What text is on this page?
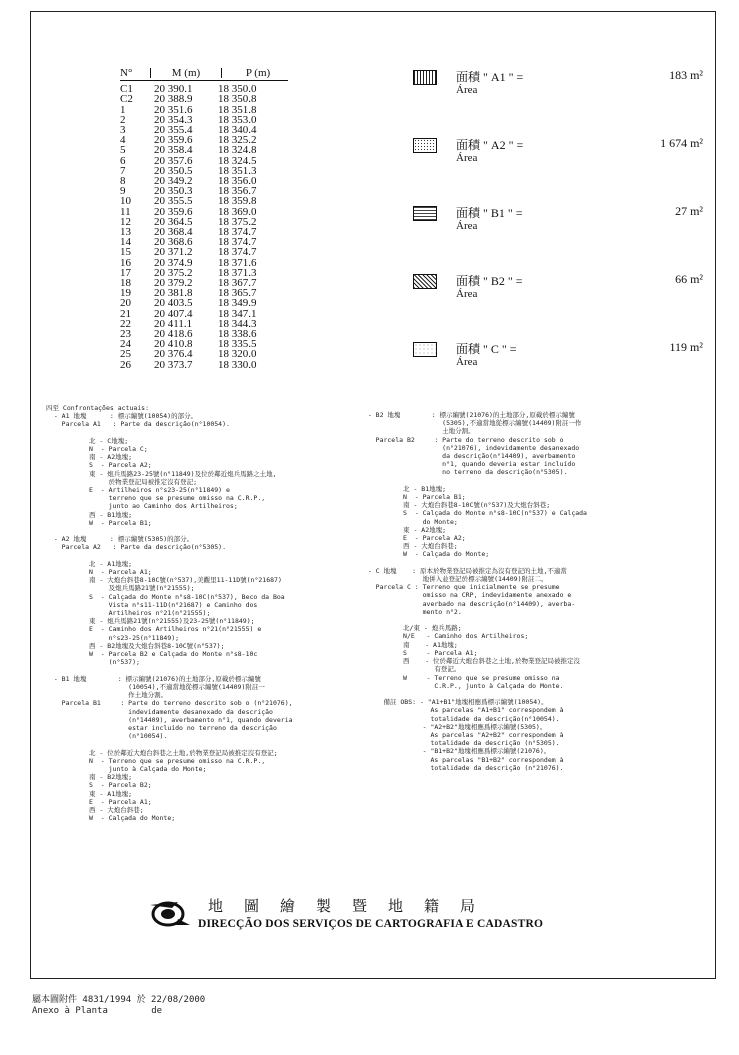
N°	M (m)	P (m)
C1	20 390.1	18 350.0
C2	20 388.9	18 350.8
1	20 351.6	18 351.8
2	20 354.3	18 353.0
3	20 355.4	18 340.4
4	20 359.6	18 325.2
5	20 358.4	18 324.8
6	20 357.6	18 324.5
7	20 350.5	18 351.3
8	20 349.2	18 356.0
9	20 350.3	18 356.7
10	20 355.5	18 359.8
11	20 359.6	18 369.0
12	20 364.5	18 375.2
13	20 368.4	18 374.7
14	20 368.6	18 374.7
15	20 371.2	18 374.7
16	20 374.9	18 371.6
17	20 375.2	18 371.3
18	20 379.2	18 367.7
19	20 381.8	18 365.7
20	20 403.5	18 349.9
21	20 407.4	18 347.1
22	20 411.1	18 344.3
23	20 418.6	18 338.6
24	20 410.8	18 335.5
25	20 376.4	18 320.0
26	20 373.7	18 330.0
面積 " A1 " =	183 m²
Área
面積 " A2 " =	1 674 m²
Área
面積 " B1 " =	27 m²
Área
面積 " B2 " =	66 m²
Área
面積 " C " =	119 m²
Área
四至 Confrontações actuais:
- A1 地塊      : 標示編號(10054)的部分。
Parcela A1   : Parte da descrição(n°10054).

北 - C地塊;
N  - Parcela C;
南 - A2地塊;
S  - Parcela A2;
東 - 炮兵馬路23-25號(n°11849)及位於鄰近炮兵馬路之土地,
於物業登記局被推定沒有登記;
E  - Artilheiros n°s23-25(n°11849) e
terreno que se presume omisso na C.R.P.,
junto ao Caminho dos Artilheiros;
西 - B1地塊;
W  - Parcela B1;

- A2 地塊      : 標示編號(5305)的部分。
Parcela A2   : Parte da descrição(n°5305).

北 - A1地塊;
N  - Parcela A1;
南 - 大炮台斜巷8-10C號(n°537),美觀里11-11D號(n°21687)
及炮兵馬路21號(n°21555);
S  - Calçada do Monte n°s8-10C(n°537), Beco da Boa
Vista n°s11-11D(n°21687) e Caminho dos
Artilheiros n°21(n°21555);
東 - 炮兵馬路21號(n°21555)及23-25號(n°11849);
E  - Caminho dos Artilheiros n°21(n°21555) e
n°s23-25(n°11849);
西 - B2地塊及大炮台斜巷8-10C號(n°537);
W  - Parcela B2 e Calçada do Monte n°s8-10c
(n°537);

- B1 地塊        : 標示編號(21076)的土地部分,原載於標示編號
(10054),不適當地從標示編號(14409)附註一
作土地分割。
Parcela B1     : Parte do terreno descrito sob o (n°21076),
indevidamente desanexado da descrição
(n°14409), averbamento n°1, quando deveria
estar incluído no terreno da descrição
(n°10054).

北 - 位於鄰近大炮台斜巷之土地,於物業登記局被推定沒有登記;
N  - Terreno que se presume omisso na C.R.P.,
junto à Calçada do Monte;
南 - B2地塊;
S  - Parcela B2;
東 - A1地塊;
E  - Parcela A1;
西 - 大炮台斜巷;
W  - Calçada do Monte;
- B2 地塊        : 標示編號(21076)的土地部分,原載於標示編號
(5305),不適當地從標示編號(14409)附註一作
土地分割。
Parcela B2     : Parte do terreno descrito sob o
(n°21076), indevidamente desanexado
da descrição(n°14409), averbamento
n°1, quando deveria estar incluído
no terreno da descrição(n°5305).

北 - B1地塊;
N  - Parcela B1;
南 - 大炮台斜巷8-10C號(n°537)及大炮台斜巷;
S  - Calçada do Monte n°s8-10C(n°537) e Calçada
do Monte;
東 - A2地塊;
E  - Parcela A2;
西 - 大炮台斜巷;
W  - Calçada do Monte;

- C 地塊    : 原本於物業登記局被推定為沒有登記的土地,不適當
地併入並登記於標示編號(14409)附註二。
Parcela C : Terreno que inicialmente se presume
omisso na CRP, indevidamente anexado e
averbado na descrição(n°14409), averba-
mento n°2.

北/東 - 炮兵馬路;
N/E   - Caminho dos Artilheiros;
南    - A1地塊;
S     - Parcela A1;
西    - 位於鄰近大炮台斜巷之土地,於物業登記局被推定沒
有登記。
W     - Terreno que se presume omisso na
C.R.P., junto à Calçada do Monte.

備註 OBS: - "A1+B1"地塊相應爲標示編號(10054)。
As parcelas "A1+B1" correspondem à
totalidade da descrição(n°10054).
- "A2+B2"地塊相應爲標示編號(5305)。
As parcelas "A2+B2" correspondem à
totalidade da descrição (n°5305).
- "B1+B2"地塊相應爲標示編號(21076)。
As parcelas "B1+B2" correspondem à
totalidade da descrição (n°21076).
地圖繪製暨地籍局
DIRECÇÃO DOS SERVIÇOS DE CARTOGRAFIA E CADASTRO
屬本圖附件 4831/1994 於 22/08/2000
Anexo à Planta        de
